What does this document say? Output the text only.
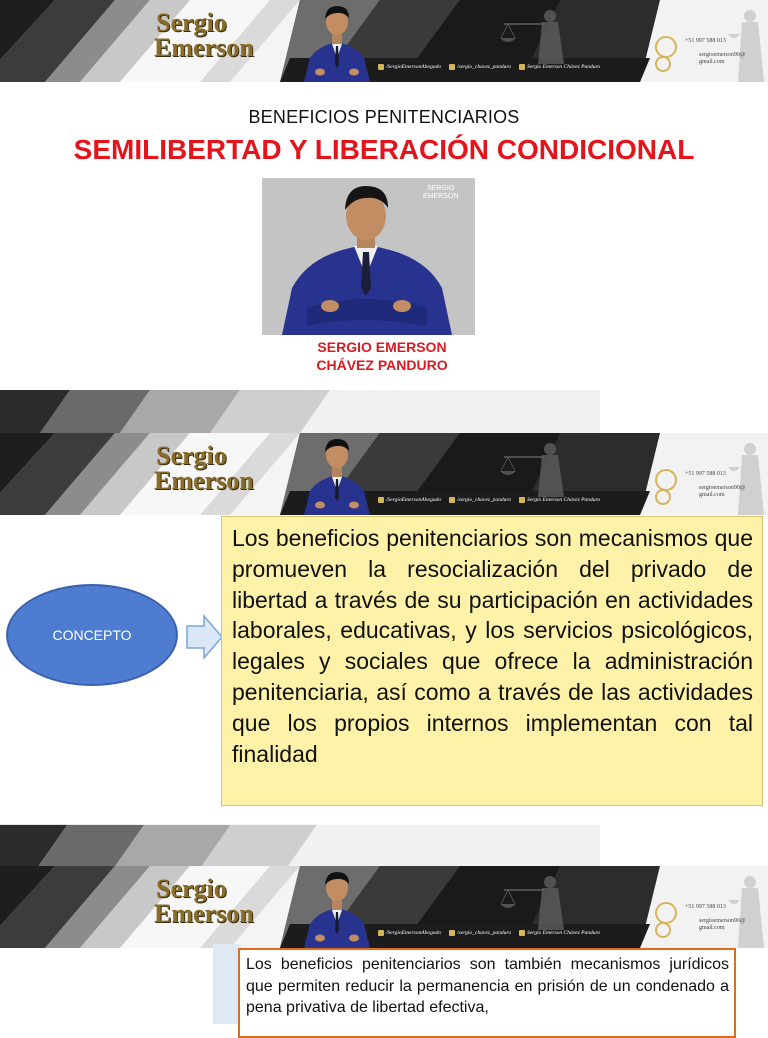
Sergio
Emerson
/SergioEmersonAbogado	/sergio_chavez_panduro	Sergio Emerson Chávez Panduro
+51 997 588 013
sergioemerson90@
gmail.com
BENEFICIOS PENITENCIARIOS
SEMILIBERTAD Y LIBERACIÓN CONDICIONAL
SERGIO
EMERSON
SERGIO EMERSON
CHÁVEZ PANDURO
Sergio
Emerson
/SergioEmersonAbogado	/sergio_chavez_panduro	Sergio Emerson Chávez Panduro
+51 997 588 013
sergioemerson90@
gmail.com
CONCEPTO
Los beneficios penitenciarios son mecanismos que promueven la resocialización del privado de libertad a través de su participación en actividades laborales, educativas, y los servicios psicológicos, legales y sociales que ofrece la administración penitenciaria, así como a través de las actividades que los propios internos implementan con tal finalidad
Sergio
Emerson
/SergioEmersonAbogado	/sergio_chavez_panduro	Sergio Emerson Chávez Panduro
+51 997 588 013
sergioemerson90@
gmail.com
Los beneficios penitenciarios son también mecanismos jurídicos que permiten reducir la permanencia en prisión de un condenado a pena privativa de libertad efectiva,
